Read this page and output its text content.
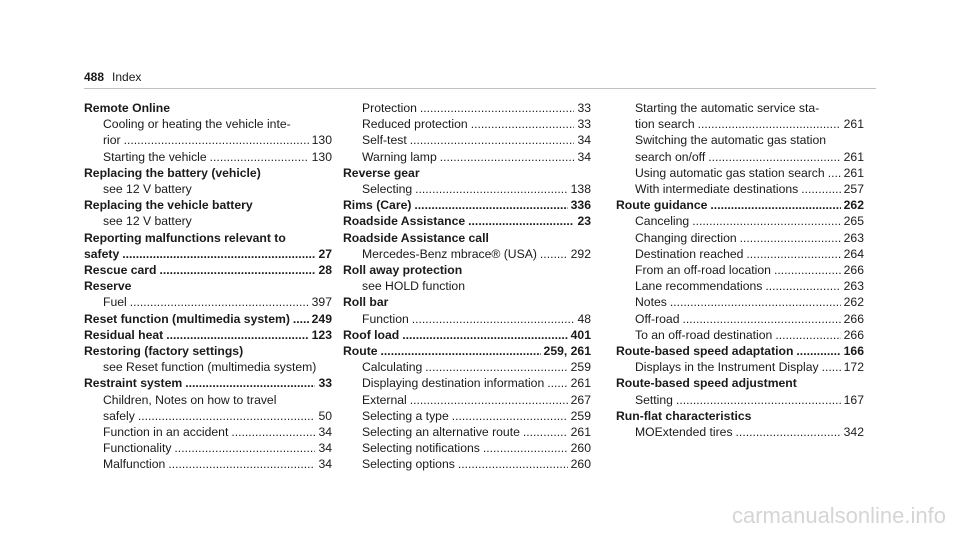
488 Index
Remote Online
Cooling or heating the vehicle inte-
rior .....	130
Starting the vehicle .....	130
Replacing the battery (vehicle)
see 12 V battery
Replacing the vehicle battery
see 12 V battery
Reporting malfunctions relevant to
safety .....	27
Rescue card .....	28
Reserve
Fuel .....	397
Reset function (multimedia system) ..... 249
Residual heat .....	123
Restoring (factory settings)
see Reset function (multimedia system)
Restraint system .....	33
Children, Notes on how to travel
safely .....	50
Function in an accident .....	34
Functionality .....	34
Malfunction .....	34
Protection .....	33
Reduced protection .....	33
Self-test .....	34
Warning lamp .....	34
Reverse gear
Selecting .....	138
Rims (Care) .....	336
Roadside Assistance .....	23
Roadside Assistance call
Mercedes-Benz mbrace® (USA) .....	292
Roll away protection
see HOLD function
Roll bar
Function .....	48
Roof load .....	401
Route .....	259, 261
Calculating .....	259
Displaying destination information ..... 261
External .....	267
Selecting a type .....	259
Selecting an alternative route .....	261
Selecting notifications .....	260
Selecting options .....	260
Starting the automatic service sta-
tion search .....	261
Switching the automatic gas station
search on/off .....	261
Using automatic gas station search ..... 261
With intermediate destinations .....	257
Route guidance .....	262
Canceling .....	265
Changing direction .....	263
Destination reached .....	264
From an off-road location .....	266
Lane recommendations .....	263
Notes .....	262
Off-road .....	266
To an off-road destination .....	266
Route-based speed adaptation .....	166
Displays in the Instrument Display ..... 172
Route-based speed adjustment
Setting .....	167
Run-flat characteristics
MOExtended tires .....	342
carmanualsonline.info
